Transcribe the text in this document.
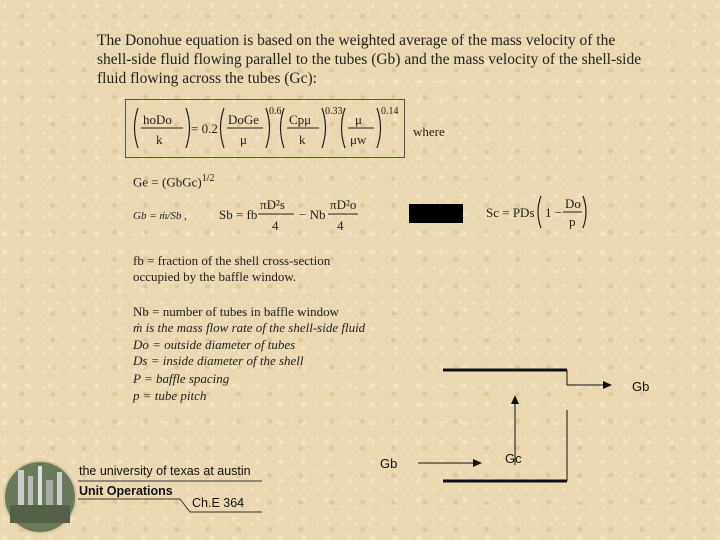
The Donohue equation is based on the weighted average of the mass velocity of the shell-side fluid flowing parallel to the tubes (Gb) and the mass velocity of the shell-side fluid flowing across the tubes (Gc):
hoDo
k
= 0.2
DoGe
μ
0.6
Cpμ
k
0.33
μ
μw
0.14
where
Ge = (GbGc)$^{1/2}$
Gb = ṁ/Sb , Sb = fb
πD²s
4
− Nb
πD²o
4
Sc = PDs 1 −
Do
p
fb = fraction of the shell cross-section
occupied by the baffle window.
Nb = number of tubes in baffle window
ṁ is the mass flow rate of the shell-side fluid
Do = outside diameter of tubes
Ds = inside diameter of the shell
P = baffle spacing
p = tube pitch
Gb
Gb	Gc
the university of texas at austin
Unit Operations
Ch.E 364
